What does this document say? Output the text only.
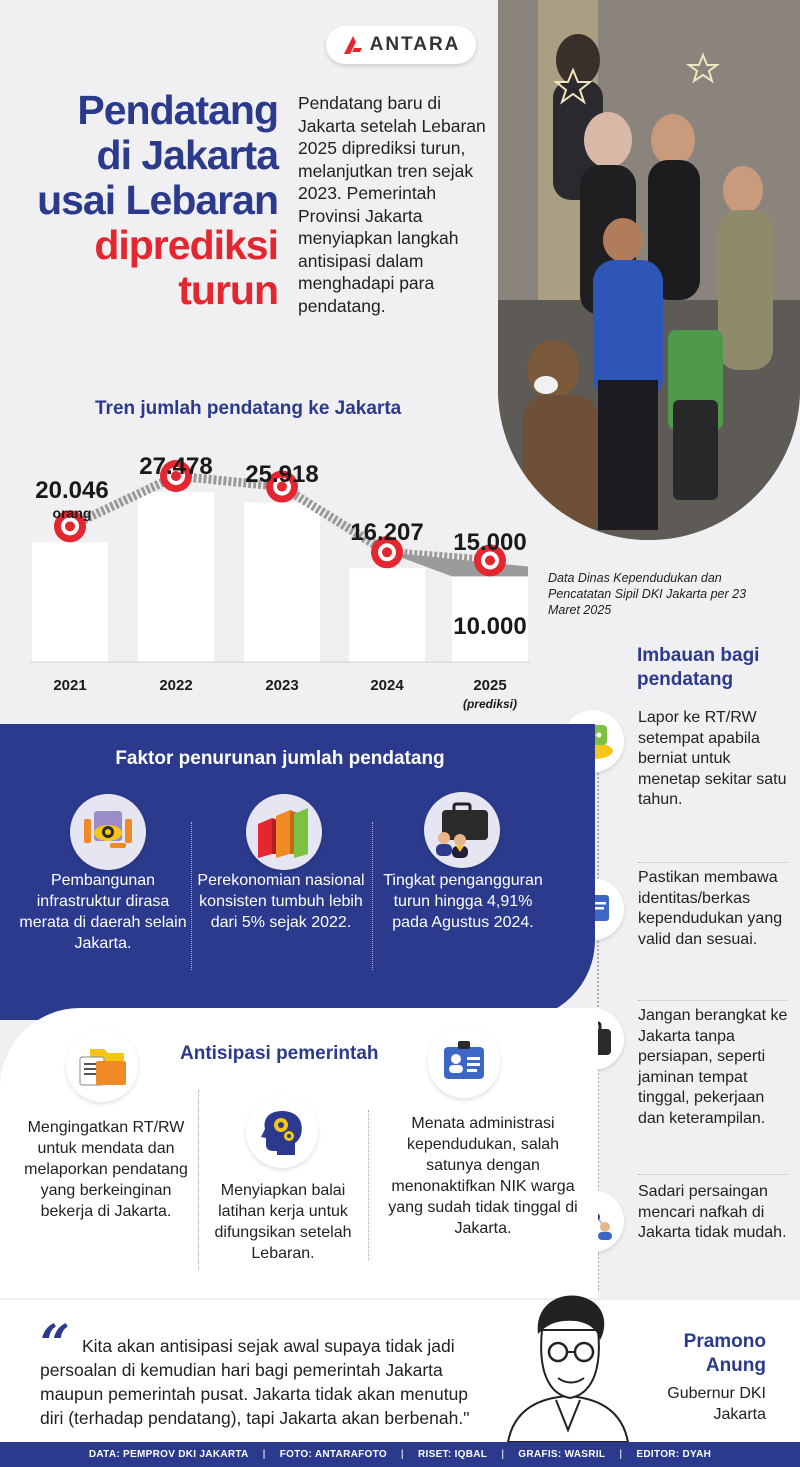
ANTARA
Pendatang
di Jakarta
usai Lebaran
diprediksi
turun
Pendatang baru di Jakarta setelah Lebaran 2025 diprediksi turun, melanjutkan tren sejak 2023. Pemerintah Provinsi Jakarta menyiapkan langkah antisipasi dalam menghadapi para pendatang.
Tren jumlah pendatang ke Jakarta
20.046
27.478 25.918
16.207 15.000
orang
10.000
2021	2022	2023	2024	2025
(prediksi)
Data Dinas Kependudukan dan Pencatatan Sipil DKI Jakarta per 23 Maret 2025
Imbauan bagi pendatang
Lapor ke RT/RW setempat apabila berniat untuk menetap sekitar satu tahun.
Pastikan membawa identitas/berkas kependudukan yang valid dan sesuai.
Jangan berangkat ke Jakarta tanpa persiapan, seperti jaminan tempat tinggal, pekerjaan dan keterampilan.
Sadari persaingan mencari nafkah di Jakarta tidak mudah.
Faktor penurunan jumlah pendatang
Pembangunan infrastruktur dirasa merata di daerah selain Jakarta.
Perekonomian nasional konsisten tumbuh lebih dari 5% sejak 2022.
Tingkat pengangguran turun hingga 4,91% pada Agustus 2024.
Antisipasi pemerintah
Mengingatkan RT/RW untuk mendata dan melaporkan pendatang yang berkeinginan bekerja di Jakarta.
Menyiapkan balai latihan kerja untuk difungsikan setelah Lebaran.
Menata administrasi kependudukan, salah satunya dengan menonaktifkan NIK warga yang sudah tidak tinggal di Jakarta.
“ Kita akan antisipasi sejak awal supaya tidak jadi persoalan di kemudian hari bagi pemerintah Jakarta maupun pemerintah pusat. Jakarta tidak akan menutup diri (terhadap pendatang), tapi Jakarta akan berbenah."
Pramono Anung
Gubernur DKI Jakarta
DATA: PEMPROV DKI JAKARTA | FOTO: ANTARAFOTO | RISET: IQBAL | GRAFIS: WASRIL | EDITOR: DYAH
